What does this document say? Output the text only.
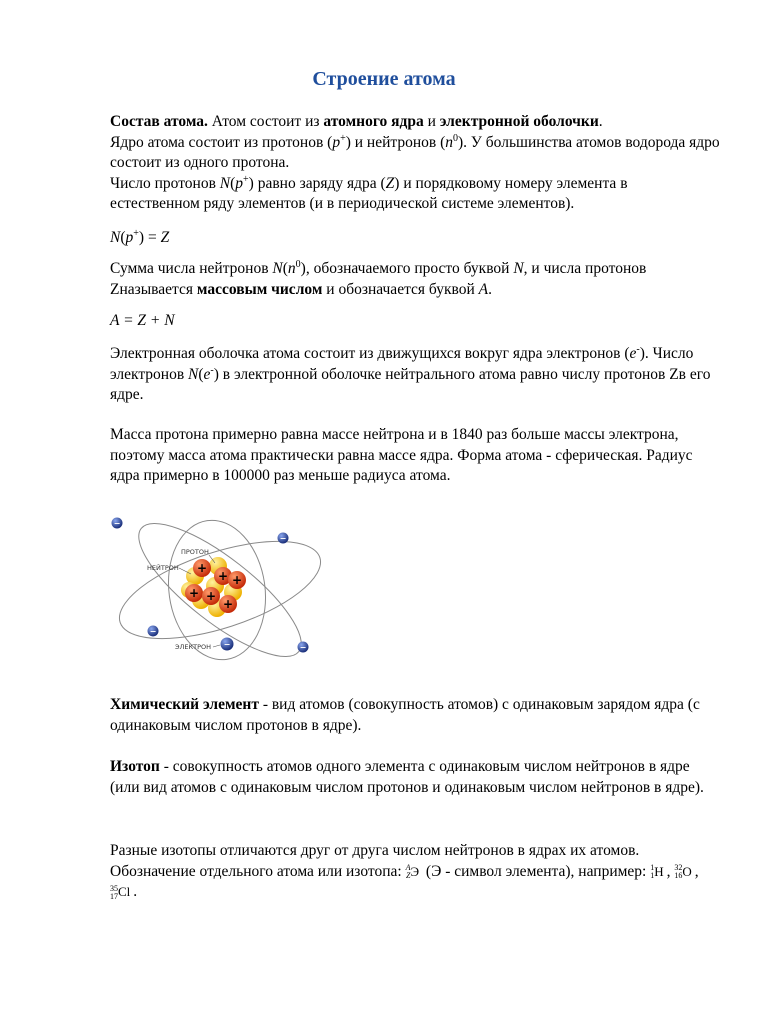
Строение атома
Состав атома. Атом состоит из атомного ядра и электронной оболочки.
Ядро атома состоит из протонов (p+) и нейтронов $(n^0)$. У большинства атомов водорода ядро состоит из одного протона.
Число протонов N(p+) равно заряду ядра (Z) и порядковому номеру элемента в естественном ряду элементов (и в периодической системе элементов).
N(p+) = Z
Сумма числа нейтронов $N(n^0)$, обозначаемого просто буквой N, и числа протонов Zназывается массовым числом и обозначается буквой A.
A = Z + N
Электронная оболочка атома состоит из движущихся вокруг ядра электронов (e-). Число электронов N(e-) в электронной оболочке нейтрального атома равно числу протонов Zв его ядре.
Масса протона примерно равна массе нейтрона и в 1840 раз больше массы электрона, поэтому масса атома практически равна массе ядра. Форма атома - сферическая. Радиус ядра примерно в 100000 раз меньше радиуса атома.
+
+ +
+ +
+
−
−
−
−	−
ПРОТОН
НЕЙТРОН
ЭЛЕКТРОН
Химический элемент - вид атомов (совокупность атомов) с одинаковым зарядом ядра (с одинаковым числом протонов в ядре).
Изотоп - совокупность атомов одного элемента с одинаковым числом нейтронов в ядре (или вид атомов с одинаковым числом протонов и одинаковым числом нейтронов в ядре).
Разные изотопы отличаются друг от друга числом нейтронов в ядрах их атомов. Обозначение отдельного атома или изотопа: A
ZЭ (Э - символ элемента), например: 1
1H , 32
16O , 35
17Cl .
